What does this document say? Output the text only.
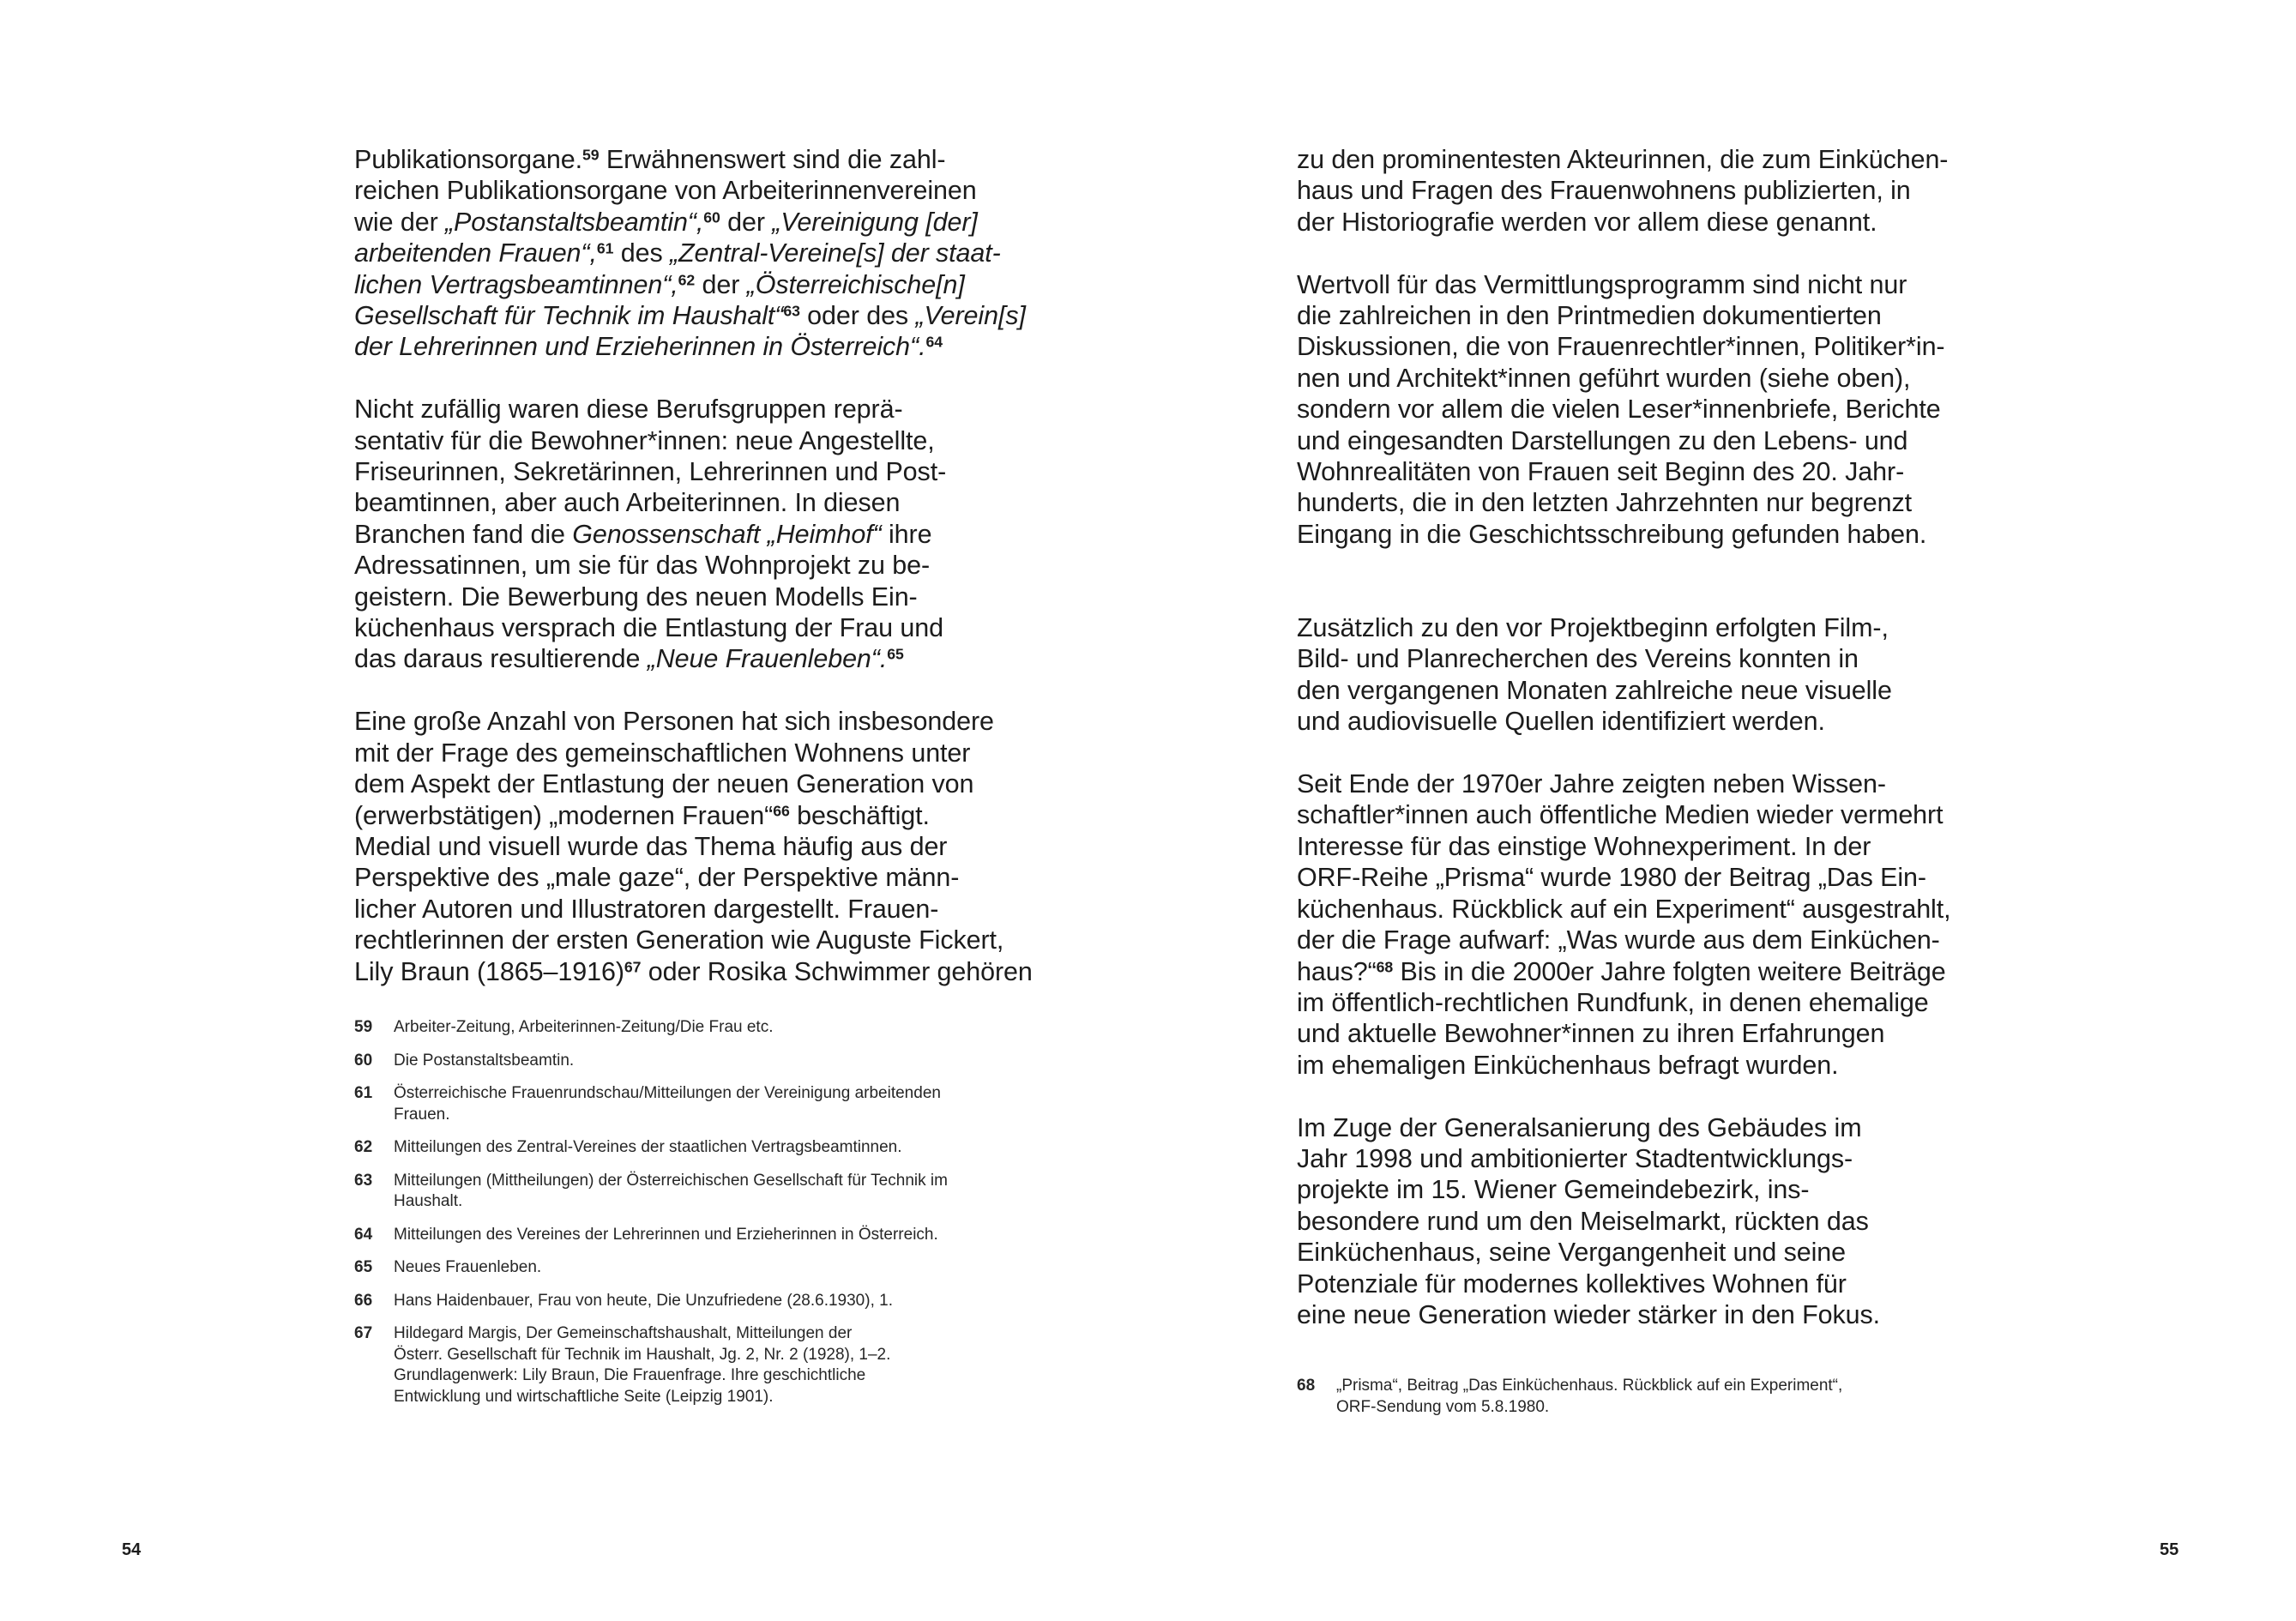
Publikationsorgane.$^{59}$ Erwähnenswert sind die zahl-
reichen Publikationsorgane von Arbeiterinnenvereinen
wie der „Postanstaltsbeamtin“,$^{60}$ der „Vereinigung [der]
arbeitenden Frauen“,$^{61}$ des „Zentral-Vereine[s] der staat-
lichen Vertragsbeamtinnen“,$^{62}$ der „Österreichische[n]
Gesellschaft für Technik im Haushalt“$^{63}$ oder des „Verein[s]
der Lehrerinnen und Erzieherinnen in Österreich“.$^{64}$
Nicht zufällig waren diese Berufsgruppen reprä-
sentativ für die Bewohner*innen: neue Angestellte,
Friseurinnen, Sekretärinnen, Lehrerinnen und Post-
beamtinnen, aber auch Arbeiterinnen. In diesen
Branchen fand die Genossenschaft „Heimhof“ ihre
Adressatinnen, um sie für das Wohnprojekt zu be-
geistern. Die Bewerbung des neuen Modells Ein-
küchenhaus versprach die Entlastung der Frau und
das daraus resultierende „Neue Frauenleben“.$^{65}$
Eine große Anzahl von Personen hat sich insbesondere
mit der Frage des gemeinschaftlichen Wohnens unter
dem Aspekt der Entlastung der neuen Generation von
(erwerbstätigen) „modernen Frauen“$^{66}$ beschäftigt.
Medial und visuell wurde das Thema häufig aus der
Perspektive des „male gaze“, der Perspektive männ-
licher Autoren und Illustratoren dargestellt. Frauen-
rechtlerinnen der ersten Generation wie Auguste Fickert,
Lily Braun (1865–1916)$^{67}$ oder Rosika Schwimmer gehören
59	Arbeiter-Zeitung, Arbeiterinnen-Zeitung/Die Frau etc.
60	Die Postanstaltsbeamtin.
61	Österreichische Frauenrundschau/Mitteilungen der Vereinigung arbeitenden
Frauen.
62	Mitteilungen des Zentral-Vereines der staatlichen Vertragsbeamtinnen.
63	Mitteilungen (Mittheilungen) der Österreichischen Gesellschaft für Technik im
Haushalt.
64	Mitteilungen des Vereines der Lehrerinnen und Erzieherinnen in Österreich.
65	Neues Frauenleben.
66	Hans Haidenbauer, Frau von heute, Die Unzufriedene (28.6.1930), 1.
67	Hildegard Margis, Der Gemeinschaftshaushalt, Mitteilungen der
Österr. Gesellschaft für Technik im Haushalt, Jg. 2, Nr. 2 (1928), 1–2.
Grundlagenwerk: Lily Braun, Die Frauenfrage. Ihre geschichtliche
Entwicklung und wirtschaftliche Seite (Leipzig 1901).
54
zu den prominentesten Akteurinnen, die zum Einküchen-
haus und Fragen des Frauenwohnens publizierten, in
der Historiografie werden vor allem diese genannt.
Wertvoll für das Vermittlungsprogramm sind nicht nur
die zahlreichen in den Printmedien dokumentierten
Diskussionen, die von Frauenrechtler*innen, Politiker*in-
nen und Architekt*innen geführt wurden (siehe oben),
sondern vor allem die vielen Leser*innenbriefe, Berichte
und eingesandten Darstellungen zu den Lebens- und
Wohnrealitäten von Frauen seit Beginn des 20. Jahr-
hunderts, die in den letzten Jahrzehnten nur begrenzt
Eingang in die Geschichtsschreibung gefunden haben.
Zusätzlich zu den vor Projektbeginn erfolgten Film-,
Bild- und Planrecherchen des Vereins konnten in
den vergangenen Monaten zahlreiche neue visuelle
und audiovisuelle Quellen identifiziert werden.
Seit Ende der 1970er Jahre zeigten neben Wissen-
schaftler*innen auch öffentliche Medien wieder vermehrt
Interesse für das einstige Wohnexperiment. In der
ORF-Reihe „Prisma“ wurde 1980 der Beitrag „Das Ein-
küchenhaus. Rückblick auf ein Experiment“ ausgestrahlt,
der die Frage aufwarf: „Was wurde aus dem Einküchen-
haus?“$^{68}$ Bis in die 2000er Jahre folgten weitere Beiträge
im öffentlich-rechtlichen Rundfunk, in denen ehemalige
und aktuelle Bewohner*innen zu ihren Erfahrungen
im ehemaligen Einküchenhaus befragt wurden.
Im Zuge der Generalsanierung des Gebäudes im
Jahr 1998 und ambitionierter Stadtentwicklungs-
projekte im 15. Wiener Gemeindebezirk, ins-
besondere rund um den Meiselmarkt, rückten das
Einküchenhaus, seine Vergangenheit und seine
Potenziale für modernes kollektives Wohnen für
eine neue Generation wieder stärker in den Fokus.
68	„Prisma“, Beitrag „Das Einküchenhaus. Rückblick auf ein Experiment“,
ORF-Sendung vom 5.8.1980.
55
